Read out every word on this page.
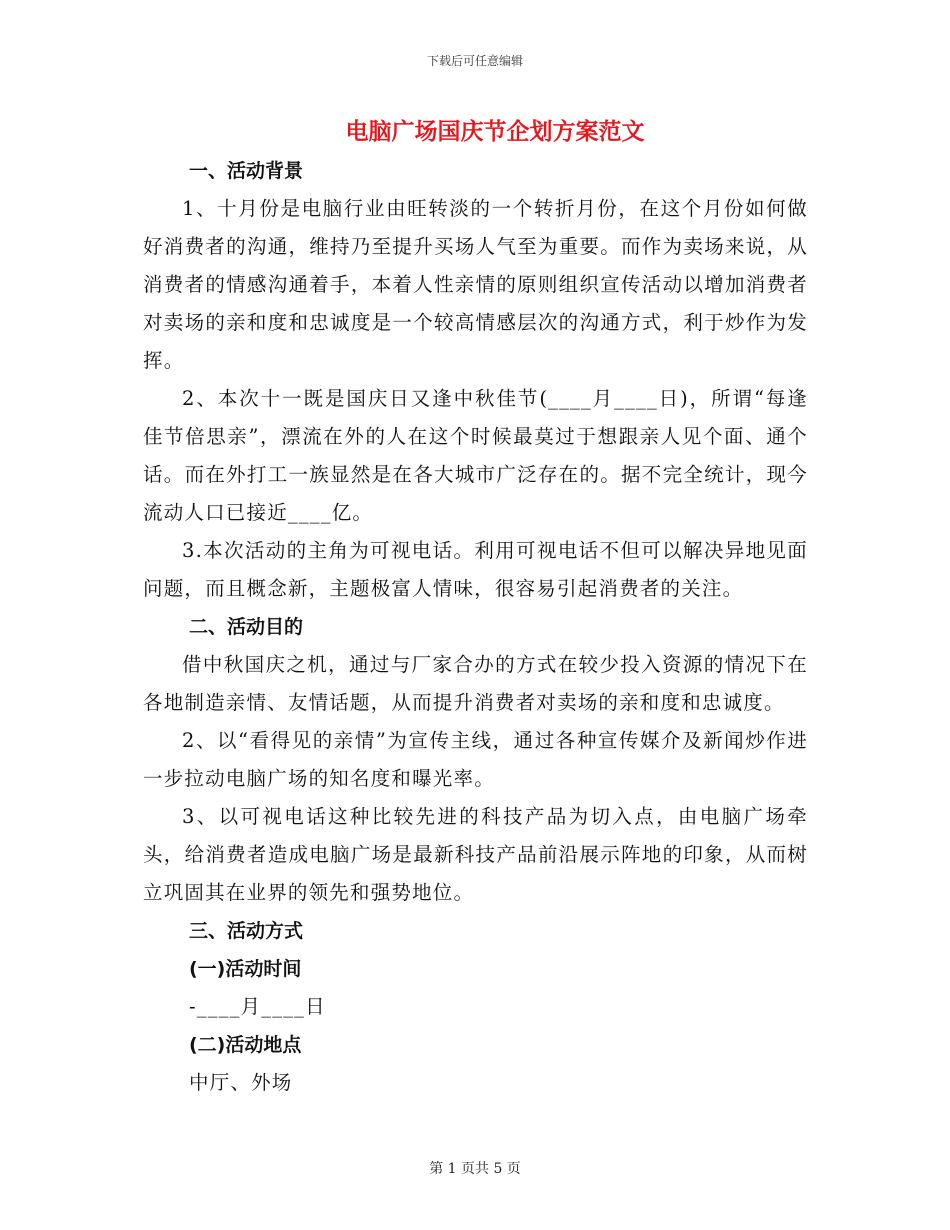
下载后可任意编辑
电脑广场国庆节企划方案范文

一、活动背景

1、十月份是电脑行业由旺转淡的一个转折月份，在这个月份如何做好消费者的沟通，维持乃至提升买场人气至为重要。而作为卖场来说，从消费者的情感沟通着手，本着人性亲情的原则组织宣传活动以增加消费者对卖场的亲和度和忠诚度是一个较高情感层次的沟通方式，利于炒作为发挥。

2、本次十一既是国庆日又逢中秋佳节(____月____日)，所谓“每逢佳节倍思亲”，漂流在外的人在这个时候最莫过于想跟亲人见个面、通个话。而在外打工一族显然是在各大城市广泛存在的。据不完全统计，现今流动人口已接近____亿。

3.本次活动的主角为可视电话。利用可视电话不但可以解决异地见面问题，而且概念新，主题极富人情味，很容易引起消费者的关注。

二、活动目的

借中秋国庆之机，通过与厂家合办的方式在较少投入资源的情况下在各地制造亲情、友情话题，从而提升消费者对卖场的亲和度和忠诚度。

2、以“看得见的亲情”为宣传主线，通过各种宣传媒介及新闻炒作进一步拉动电脑广场的知名度和曝光率。

3、以可视电话这种比较先进的科技产品为切入点，由电脑广场牵头，给消费者造成电脑广场是最新科技产品前沿展示阵地的印象，从而树立巩固其在业界的领先和强势地位。

三、活动方式

(一)活动时间

-____月____日

(二)活动地点

中厅、外场

第 1 页共 5 页
